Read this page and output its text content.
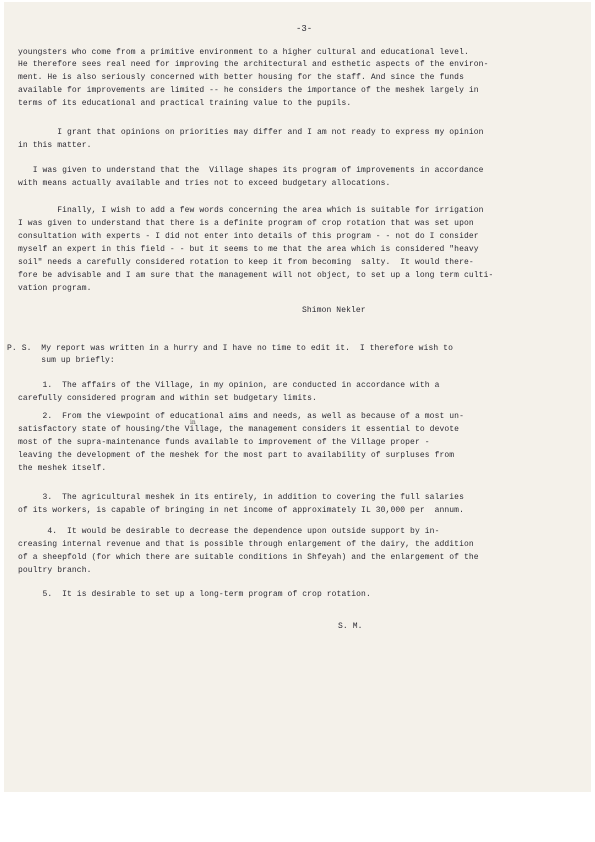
-3-
youngsters who come from a primitive environment to a higher cultural and educational level.
He therefore sees real need for improving the architectural and esthetic aspects of the environ-
ment. He is also seriously concerned with better housing for the staff. And since the funds
available for improvements are limited -- he considers the importance of the meshek largely in
terms of its educational and practical training value to the pupils.
I grant that opinions on priorities may differ and I am not ready to express my opinion
in this matter.
I was given to understand that the  Village shapes its program of improvements in accordance
with means actually available and tries not to exceed budgetary allocations.
Finally, I wish to add a few words concerning the area which is suitable for irrigation
I was given to understand that there is a definite program of crop rotation that was set upon
consultation with experts - I did not enter into details of this program - - not do I consider
myself an expert in this field - - but it seems to me that the area which is considered "heavy
soil" needs a carefully considered rotation to keep it from becoming  salty.  It would there-
fore be advisable and I am sure that the management will not object, to set up a long term culti-
vation program.
Shimon Nekler
P. S.  My report was written in a hurry and I have no time to edit it.  I therefore wish to
sum up briefly:
1.  The affairs of the Village, in my opinion, are conducted in accordance with a
carefully considered program and within set budgetary limits.
2.  From the viewpoint of educational aims and needs, as well as because of a most un-
in
satisfactory state of housing/the Village, the management considers it essential to devote
most of the supra-maintenance funds available to improvement of the Village proper -
leaving the development of the meshek for the most part to availability of surpluses from
the meshek itself.
3.  The agricultural meshek in its entirely, in addition to covering the full salaries
of its workers, is capable of bringing in net income of approximately IL 30,000 per  annum.
4.  It would be desirable to decrease the dependence upon outside support by in-
creasing internal revenue and that is possible through enlargement of the dairy, the addition
of a sheepfold (for which there are suitable conditions in Shfeyah) and the enlargement of the
poultry branch.
5.  It is desirable to set up a long-term program of crop rotation.
S. M.
